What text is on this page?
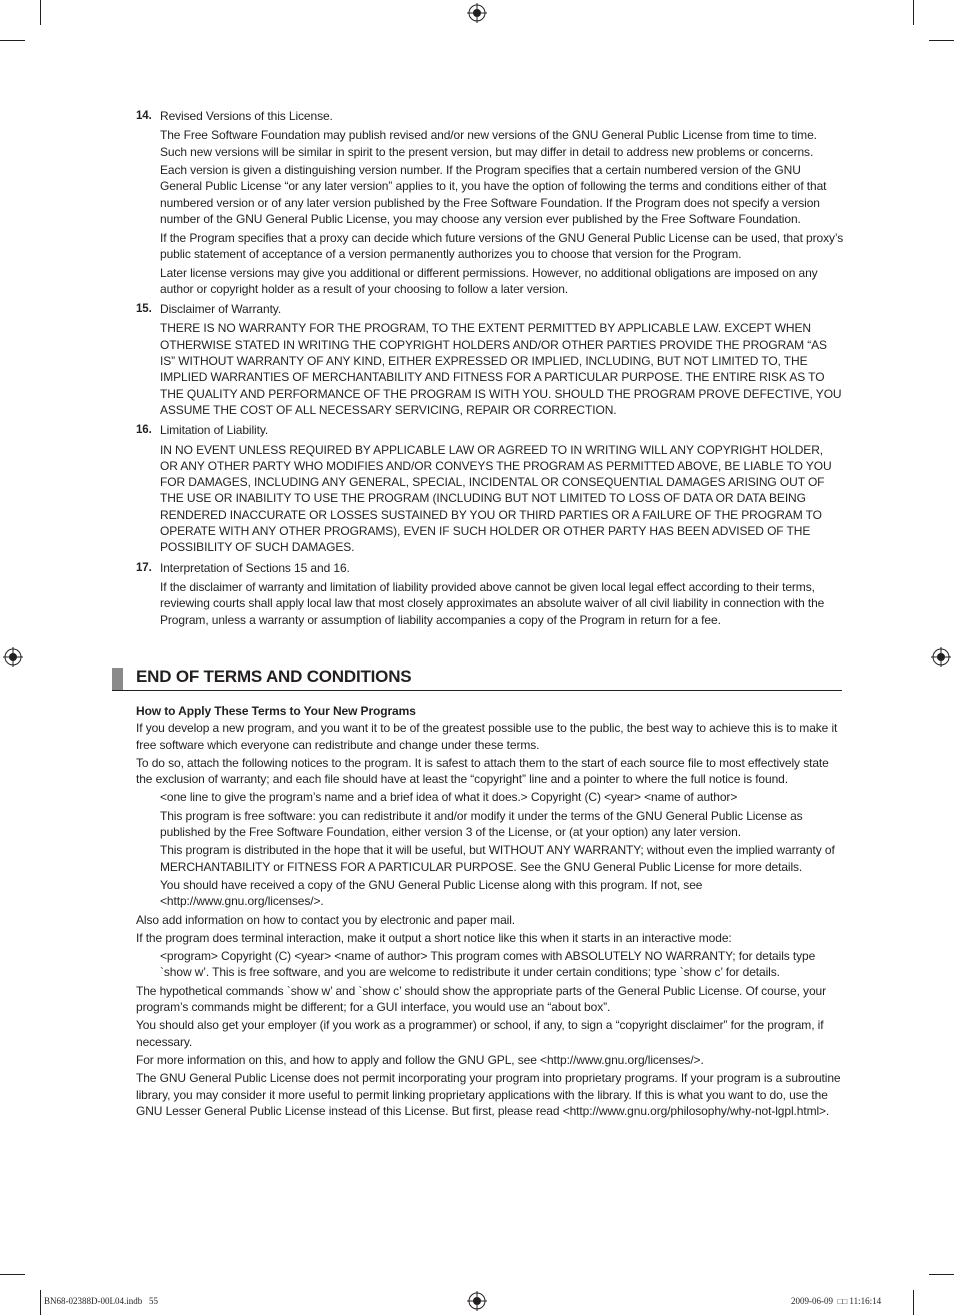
14. Revised Versions of this License.

The Free Software Foundation may publish revised and/or new versions of the GNU General Public License from time to time. Such new versions will be similar in spirit to the present version, but may differ in detail to address new problems or concerns.

Each version is given a distinguishing version number. If the Program specifies that a certain numbered version of the GNU General Public License “or any later version” applies to it, you have the option of following the terms and conditions either of that numbered version or of any later version published by the Free Software Foundation. If the Program does not specify a version number of the GNU General Public License, you may choose any version ever published by the Free Software Foundation.

If the Program specifies that a proxy can decide which future versions of the GNU General Public License can be used, that proxy’s public statement of acceptance of a version permanently authorizes you to choose that version for the Program.

Later license versions may give you additional or different permissions. However, no additional obligations are imposed on any author or copyright holder as a result of your choosing to follow a later version.

15. Disclaimer of Warranty.

THERE IS NO WARRANTY FOR THE PROGRAM, TO THE EXTENT PERMITTED BY APPLICABLE LAW. EXCEPT WHEN OTHERWISE STATED IN WRITING THE COPYRIGHT HOLDERS AND/OR OTHER PARTIES PROVIDE THE PROGRAM “AS IS” WITHOUT WARRANTY OF ANY KIND, EITHER EXPRESSED OR IMPLIED, INCLUDING, BUT NOT LIMITED TO, THE IMPLIED WARRANTIES OF MERCHANTABILITY AND FITNESS FOR A PARTICULAR PURPOSE. THE ENTIRE RISK AS TO THE QUALITY AND PERFORMANCE OF THE PROGRAM IS WITH YOU. SHOULD THE PROGRAM PROVE DEFECTIVE, YOU ASSUME THE COST OF ALL NECESSARY SERVICING, REPAIR OR CORRECTION.

16. Limitation of Liability.

IN NO EVENT UNLESS REQUIRED BY APPLICABLE LAW OR AGREED TO IN WRITING WILL ANY COPYRIGHT HOLDER, OR ANY OTHER PARTY WHO MODIFIES AND/OR CONVEYS THE PROGRAM AS PERMITTED ABOVE, BE LIABLE TO YOU FOR DAMAGES, INCLUDING ANY GENERAL, SPECIAL, INCIDENTAL OR CONSEQUENTIAL DAMAGES ARISING OUT OF THE USE OR INABILITY TO USE THE PROGRAM (INCLUDING BUT NOT LIMITED TO LOSS OF DATA OR DATA BEING RENDERED INACCURATE OR LOSSES SUSTAINED BY YOU OR THIRD PARTIES OR A FAILURE OF THE PROGRAM TO OPERATE WITH ANY OTHER PROGRAMS), EVEN IF SUCH HOLDER OR OTHER PARTY HAS BEEN ADVISED OF THE POSSIBILITY OF SUCH DAMAGES.

17. Interpretation of Sections 15 and 16.

If the disclaimer of warranty and limitation of liability provided above cannot be given local legal effect according to their terms, reviewing courts shall apply local law that most closely approximates an absolute waiver of all civil liability in connection with the Program, unless a warranty or assumption of liability accompanies a copy of the Program in return for a fee.

END OF TERMS AND CONDITIONS
How to Apply These Terms to Your New Programs

If you develop a new program, and you want it to be of the greatest possible use to the public, the best way to achieve this is to make it free software which everyone can redistribute and change under these terms.

To do so, attach the following notices to the program. It is safest to attach them to the start of each source file to most effectively state the exclusion of warranty; and each file should have at least the “copyright” line and a pointer to where the full notice is found.

<one line to give the program’s name and a brief idea of what it does.> Copyright (C) <year> <name of author>

This program is free software: you can redistribute it and/or modify it under the terms of the GNU General Public License as published by the Free Software Foundation, either version 3 of the License, or (at your option) any later version.

This program is distributed in the hope that it will be useful, but WITHOUT ANY WARRANTY; without even the implied warranty of MERCHANTABILITY or FITNESS FOR A PARTICULAR PURPOSE. See the GNU General Public License for more details.

You should have received a copy of the GNU General Public License along with this program. If not, see <http://www.gnu.org/licenses/>.

Also add information on how to contact you by electronic and paper mail.

If the program does terminal interaction, make it output a short notice like this when it starts in an interactive mode:

<program> Copyright (C) <year> <name of author> This program comes with ABSOLUTELY NO WARRANTY; for details type `show w’. This is free software, and you are welcome to redistribute it under certain conditions; type `show c’ for details.

The hypothetical commands `show w’ and `show c’ should show the appropriate parts of the General Public License. Of course, your program’s commands might be different; for a GUI interface, you would use an “about box”.

You should also get your employer (if you work as a programmer) or school, if any, to sign a “copyright disclaimer” for the program, if necessary.

For more information on this, and how to apply and follow the GNU GPL, see <http://www.gnu.org/licenses/>.

The GNU General Public License does not permit incorporating your program into proprietary programs. If your program is a subroutine library, you may consider it more useful to permit linking proprietary applications with the library. If this is what you want to do, use the GNU Lesser General Public License instead of this License. But first, please read <http://www.gnu.org/philosophy/why-not-lgpl.html>.

BN68-02388D-00L04.indb 55	2009-06-09 □□ 11:16:14
